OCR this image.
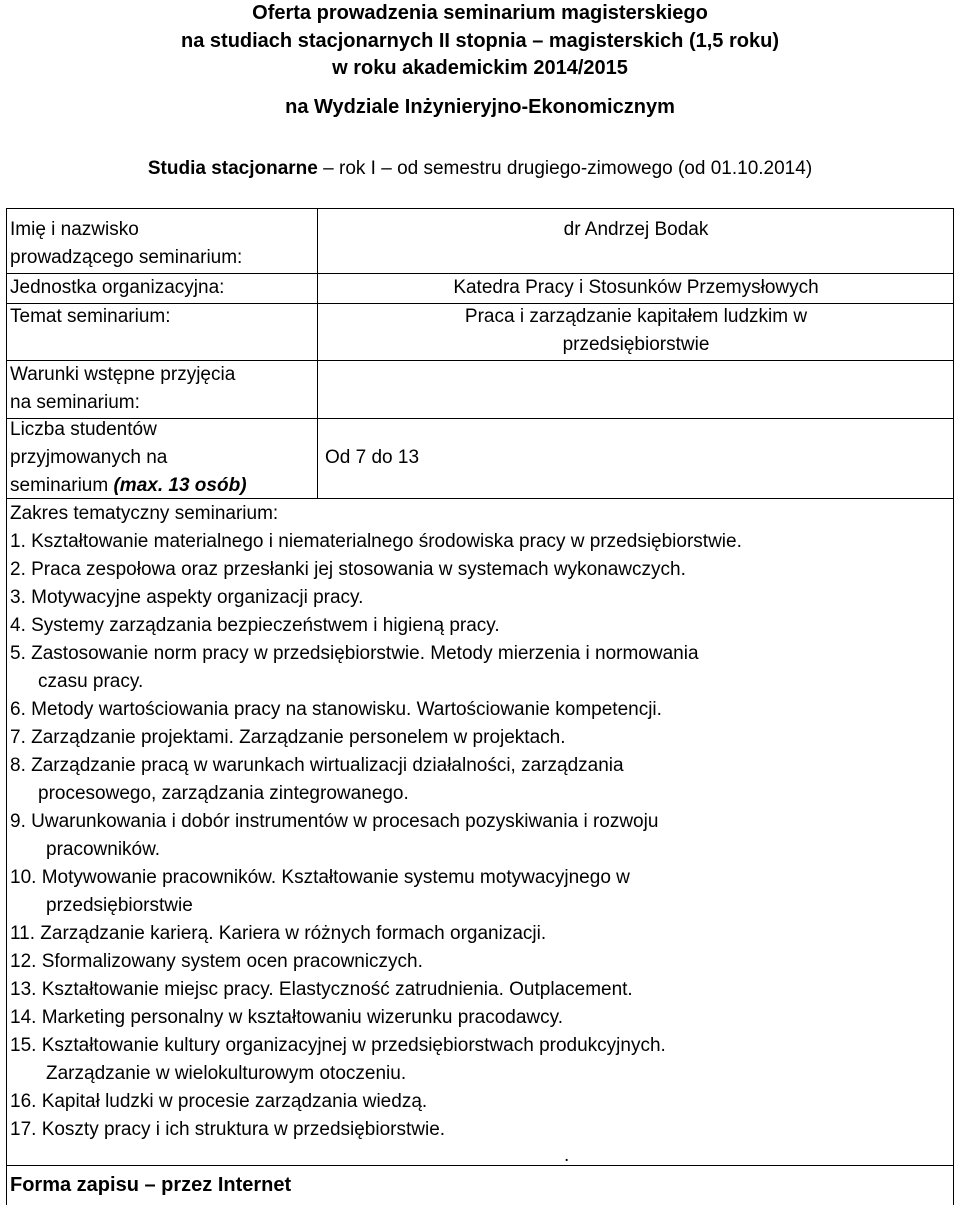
Oferta prowadzenia seminarium magisterskiego
na studiach stacjonarnych II stopnia – magisterskich (1,5 roku)
w roku akademickim 2014/2015
na Wydziale Inżynieryjno-Ekonomicznym
Studia stacjonarne – rok I – od semestru drugiego-zimowego (od 01.10.2014)
Imię i nazwisko
prowadzącego seminarium:
dr Andrzej Bodak
Jednostka organizacyjna:	Katedra Pracy i Stosunków Przemysłowych
Temat seminarium:	Praca i zarządzanie kapitałem ludzkim w
przedsiębiorstwie
Warunki wstępne przyjęcia
na seminarium:
Liczba studentów
przyjmowanych na
seminarium (max. 13 osób)
Od 7 do 13
Zakres tematyczny seminarium:
1. Kształtowanie materialnego i niematerialnego środowiska pracy w przedsiębiorstwie.
2. Praca zespołowa oraz przesłanki jej stosowania w systemach wykonawczych.
3. Motywacyjne aspekty organizacji pracy.
4. Systemy zarządzania bezpieczeństwem i higieną pracy.
5. Zastosowanie norm pracy w przedsiębiorstwie. Metody mierzenia i normowania
czasu pracy.
6. Metody wartościowania pracy na stanowisku. Wartościowanie kompetencji.
7. Zarządzanie projektami. Zarządzanie personelem w projektach.
8. Zarządzanie pracą w warunkach wirtualizacji działalności, zarządzania
procesowego, zarządzania zintegrowanego.
9. Uwarunkowania i dobór instrumentów w procesach pozyskiwania i rozwoju
pracowników.
10. Motywowanie pracowników. Kształtowanie systemu motywacyjnego w
przedsiębiorstwie
11. Zarządzanie karierą. Kariera w różnych formach organizacji.
12. Sformalizowany system ocen pracowniczych.
13. Kształtowanie miejsc pracy. Elastyczność zatrudnienia. Outplacement.
14. Marketing personalny w kształtowaniu wizerunku pracodawcy.
15. Kształtowanie kultury organizacyjnej w przedsiębiorstwach produkcyjnych.
Zarządzanie w wielokulturowym otoczeniu.
16. Kapitał ludzki w procesie zarządzania wiedzą.
17. Koszty pracy i ich struktura w przedsiębiorstwie.
.
Forma zapisu – przez Internet
